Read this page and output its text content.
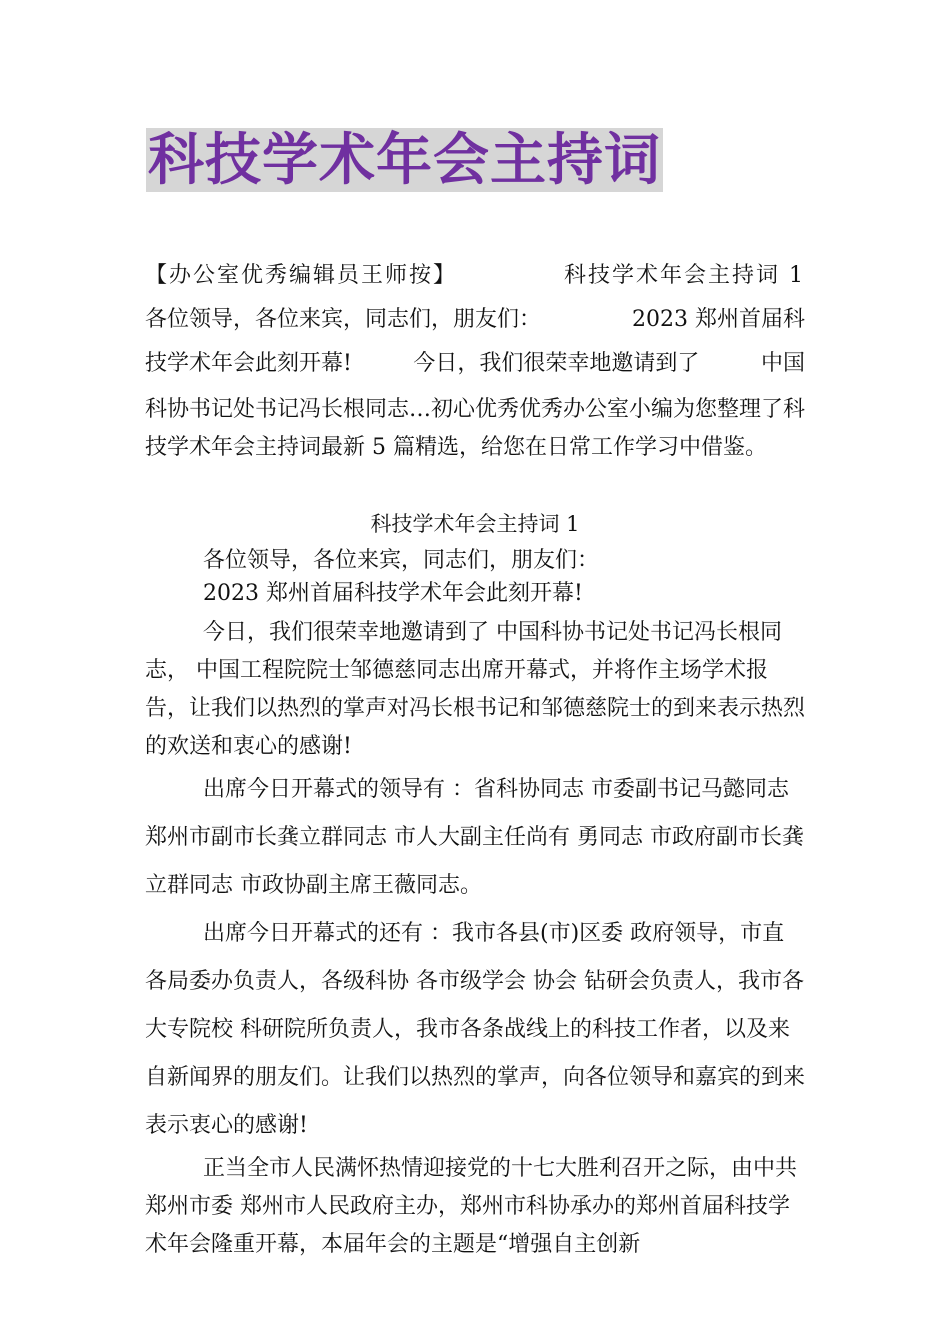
科技学术年会主持词
【办公室优秀编辑员王师按】	科技学术年会主持词 1
各位领导，各位来宾，同志们，朋友们：	2023 郑州首届科
技学术年会此刻开幕!	今日，我们很荣幸地邀请到了	中国
科协书记处书记冯长根同志…初心优秀优秀办公室小编为您整理了科技学术年会主持词最新 5 篇精选，给您在日常工作学习中借鉴。
科技学术年会主持词 1

各位领导，各位来宾，同志们，朋友们：

2023 郑州首届科技学术年会此刻开幕!

今日，我们很荣幸地邀请到了 中国科协书记处书记冯长根同志， 中国工程院院士邹德慈同志出席开幕式，并将作主场学术报告，让我们以热烈的掌声对冯长根书记和邹德慈院士的到来表示热烈的欢送和衷心的感谢!

出席今日开幕式的领导有 ：省科协同志 市委副书记马懿同志 郑州市副市长龚立群同志 市人大副主任尚有 勇同志 市政府副市长龚立群同志 市政协副主席王薇同志。

出席今日开幕式的还有 ：我市各县(市)区委 政府领导，市直各局委办负责人，各级科协 各市级学会 协会 钻研会负责人，我市各大专院校 科研院所负责人，我市各条战线上的科技工作者，以及来自新闻界的朋友们。让我们以热烈的掌声，向各位领导和嘉宾的到来表示衷心的感谢!

正当全市人民满怀热情迎接党的十七大胜利召开之际，由中共郑州市委 郑州市人民政府主办，郑州市科协承办的郑州首届科技学术年会隆重开幕，本届年会的主题是“增强自主创新
